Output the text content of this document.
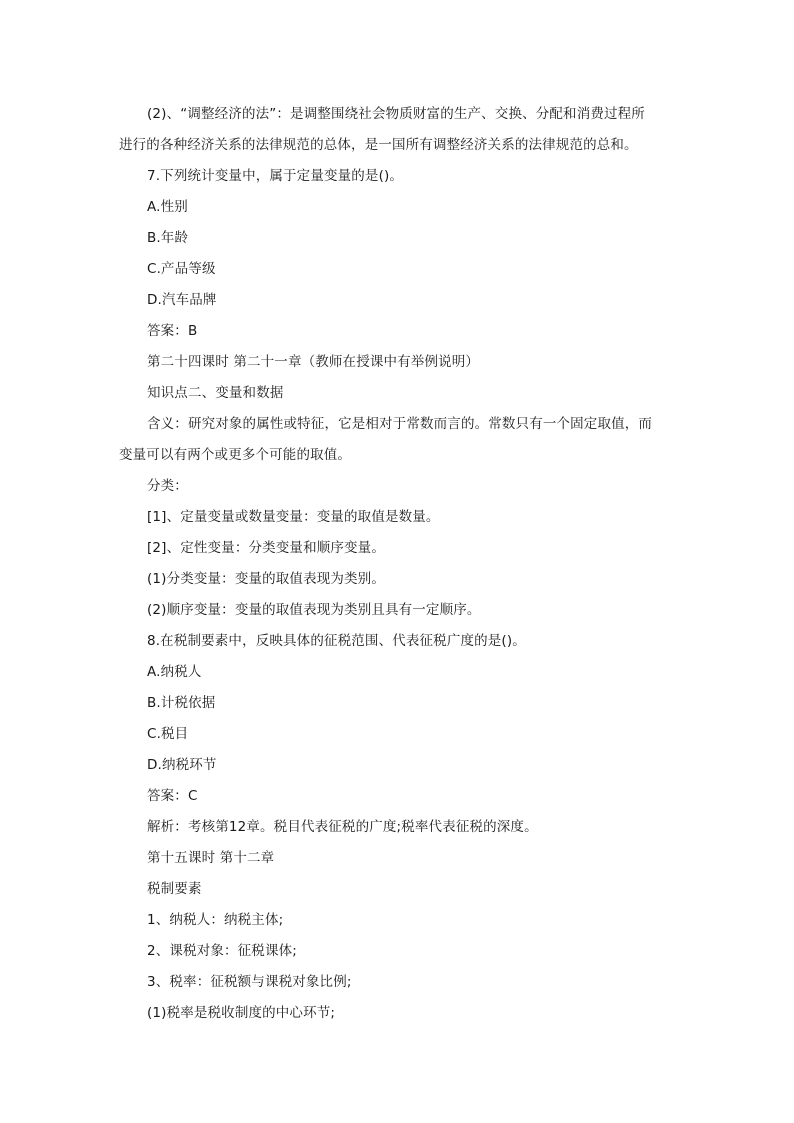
(2)、“调整经济的法”：是调整围绕社会物质财富的生产、交换、分配和消费过程所
进行的各种经济关系的法律规范的总体，是一国所有调整经济关系的法律规范的总和。
7.下列统计变量中，属于定量变量的是()。
A.性别
B.年龄
C.产品等级
D.汽车品牌
答案：B
第二十四课时 第二十一章（教师在授课中有举例说明）
知识点二、变量和数据
含义：研究对象的属性或特征，它是相对于常数而言的。常数只有一个固定取值，而
变量可以有两个或更多个可能的取值。
分类：
[1]、定量变量或数量变量：变量的取值是数量。
[2]、定性变量：分类变量和顺序变量。
(1)分类变量：变量的取值表现为类别。
(2)顺序变量：变量的取值表现为类别且具有一定顺序。
8.在税制要素中，反映具体的征税范围、代表征税广度的是()。
A.纳税人
B.计税依据
C.税目
D.纳税环节
答案：C
解析：考核第12章。税目代表征税的广度;税率代表征税的深度。
第十五课时 第十二章
税制要素
1、纳税人：纳税主体;
2、课税对象：征税课体;
3、税率：征税额与课税对象比例;
(1)税率是税收制度的中心环节;
